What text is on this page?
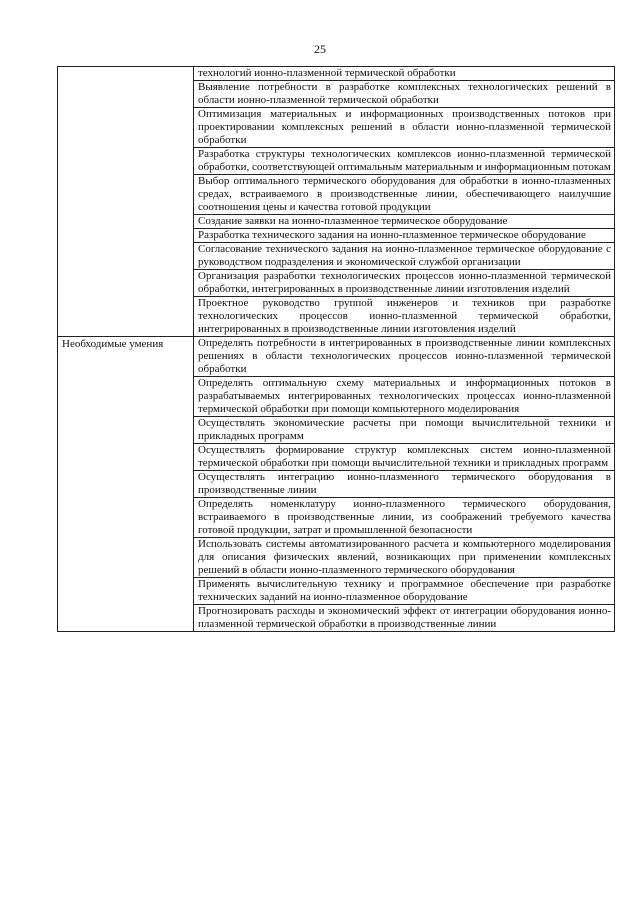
25
	технологий ионно-плазменной термической обработки
	Выявление потребности в разработке комплексных технологических решений в области ионно-плазменной термической обработки
	Оптимизация материальных и информационных производственных потоков при проектировании комплексных решений в области ионно-плазменной термической обработки
	Разработка структуры технологических комплексов ионно-плазменной термической обработки, соответствующей оптимальным материальным и информационным потокам
	Выбор оптимального термического оборудования для обработки в ионно-плазменных средах, встраиваемого в производственные линии, обеспечивающего наилучшие соотношения цены и качества готовой продукции
	Создание заявки на ионно-плазменное термическое оборудование
	Разработка технического задания на ионно-плазменное термическое оборудование
	Согласование технического задания на ионно-плазменное термическое оборудование с руководством подразделения и экономической службой организации
	Организация разработки технологических процессов ионно-плазменной термической обработки, интегрированных в производственные линии изготовления изделий
	Проектное руководство группой инженеров и техников при разработке технологических процессов ионно-плазменной термической обработки, интегрированных в производственные линии изготовления изделий

Необходимые умения	Определять потребности в интегрированных в производственные линии комплексных решениях в области технологических процессов ионно-плазменной термической обработки
	Определять оптимальную схему материальных и информационных потоков в разрабатываемых интегрированных технологических процессах ионно-плазменной термической обработки при помощи компьютерного моделирования
	Осуществлять экономические расчеты при помощи вычислительной техники и прикладных программ
	Осуществлять формирование структур комплексных систем ионно-плазменной термической обработки при помощи вычислительной техники и прикладных программ
	Осуществлять интеграцию ионно-плазменного термического оборудования в производственные линии
	Определять номенклатуру ионно-плазменного термического оборудования, встраиваемого в производственные линии, из соображений требуемого качества готовой продукции, затрат и промышленной безопасности
	Использовать системы автоматизированного расчета и компьютерного моделирования для описания физических явлений, возникающих при применении комплексных решений в области ионно-плазменного термического оборудования
	Применять вычислительную технику и программное обеспечение при разработке технических заданий на ионно-плазменное оборудование
	Прогнозировать расходы и экономический эффект от интеграции оборудования ионно-плазменной термической обработки в производственные линии
